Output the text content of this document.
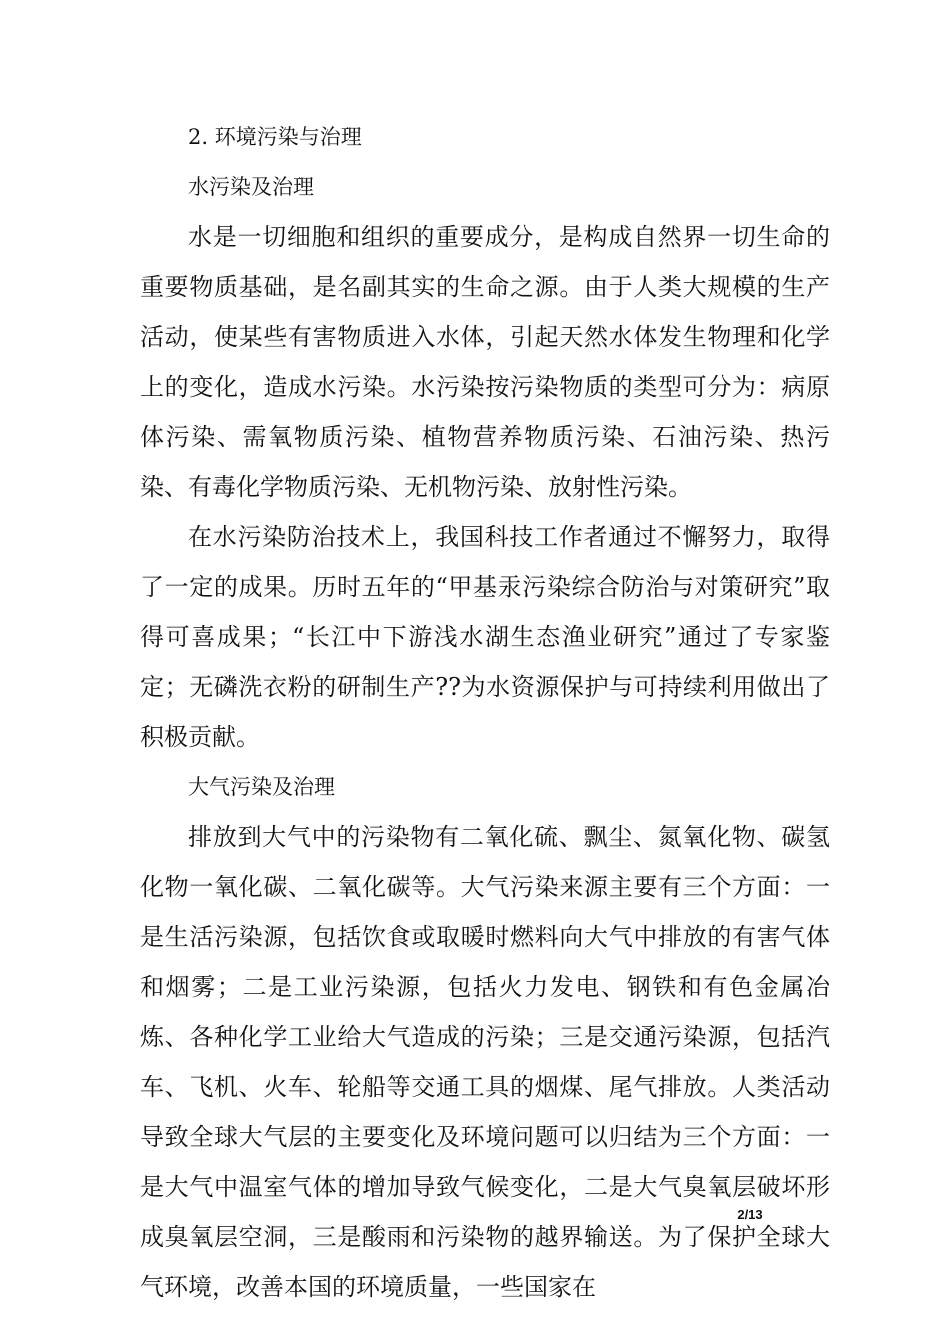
2. 环境污染与治理
水污染及治理

水是一切细胞和组织的重要成分，是构成自然界一切生命的重要物质基础，是名副其实的生命之源。由于人类大规模的生产活动，使某些有害物质进入水体，引起天然水体发生物理和化学上的变化，造成水污染。水污染按污染物质的类型可分为：病原体污染、需氧物质污染、植物营养物质污染、石油污染、热污染、有毒化学物质污染、无机物污染、放射性污染。

在水污染防治技术上，我国科技工作者通过不懈努力，取得了一定的成果。历时五年的“甲基汞污染综合防治与对策研究”取得可喜成果；“长江中下游浅水湖生态渔业研究”通过了专家鉴定；无磷洗衣粉的研制生产??为水资源保护与可持续利用做出了积极贡献。

大气污染及治理

排放到大气中的污染物有二氧化硫、飘尘、氮氧化物、碳氢化物一氧化碳、二氧化碳等。大气污染来源主要有三个方面：一是生活污染源，包括饮食或取暖时燃料向大气中排放的有害气体和烟雾；二是工业污染源，包括火力发电、钢铁和有色金属冶炼、各种化学工业给大气造成的污染；三是交通污染源，包括汽车、飞机、火车、轮船等交通工具的烟煤、尾气排放。人类活动导致全球大气层的主要变化及环境问题可以归结为三个方面：一是大气中温室气体的增加导致气候变化，二是大气臭氧层破坏形成臭氧层空洞，三是酸雨和污染物的越界输送。为了保护全球大气环境，改善本国的环境质量，一些国家在

2/13
